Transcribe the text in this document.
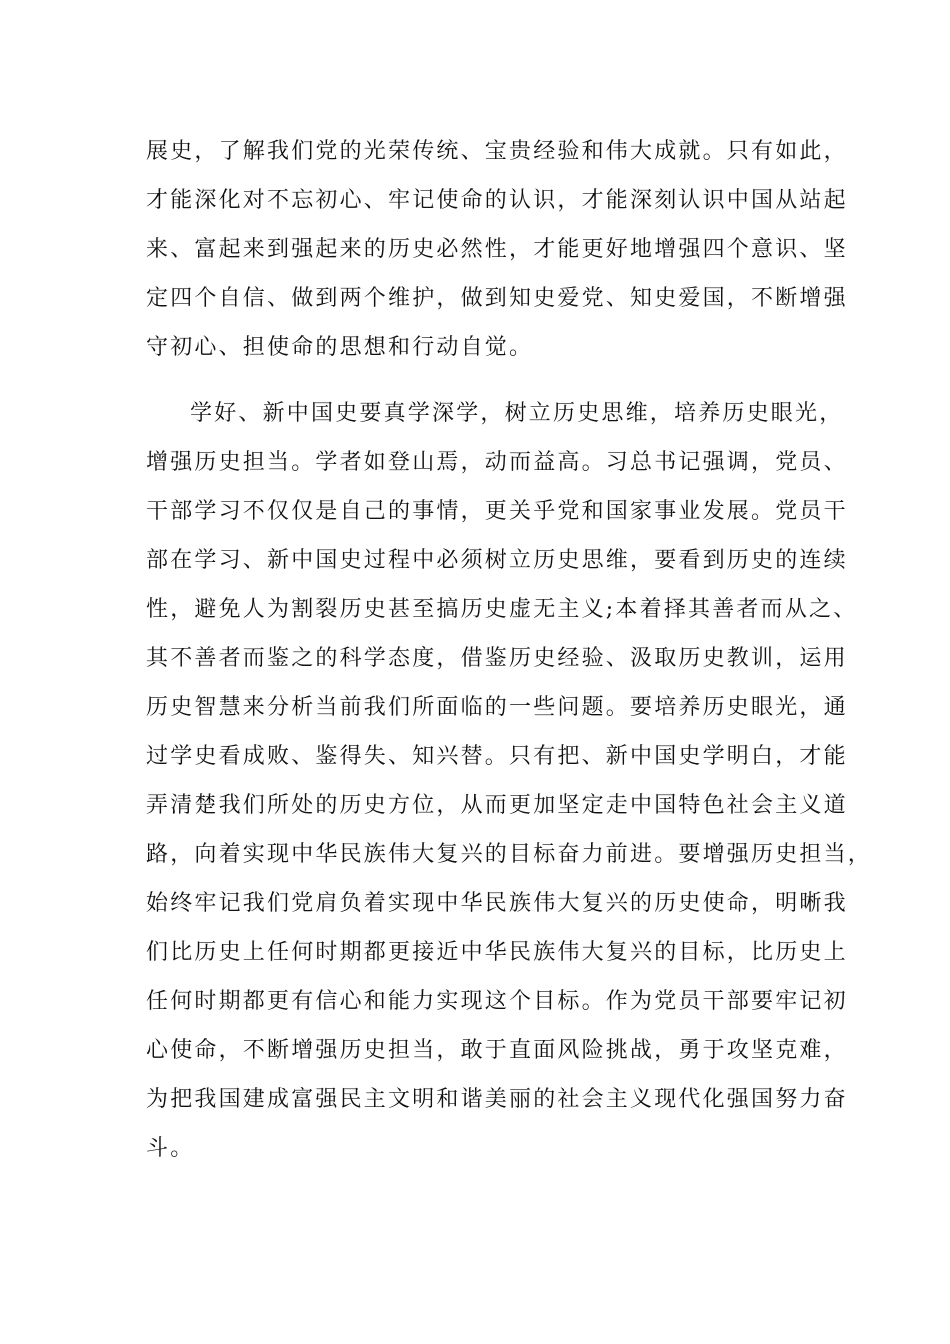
展史，了解我们党的光荣传统、宝贵经验和伟大成就。只有如此，
才能深化对不忘初心、牢记使命的认识，才能深刻认识中国从站起
来、富起来到强起来的历史必然性，才能更好地增强四个意识、坚
定四个自信、做到两个维护，做到知史爱党、知史爱国，不断增强
守初心、担使命的思想和行动自觉。
学好、新中国史要真学深学，树立历史思维，培养历史眼光，
增强历史担当。学者如登山焉，动而益高。习总书记强调，党员、
干部学习不仅仅是自己的事情，更关乎党和国家事业发展。党员干
部在学习、新中国史过程中必须树立历史思维，要看到历史的连续
性，避免人为割裂历史甚至搞历史虚无主义;本着择其善者而从之、
其不善者而鉴之的科学态度，借鉴历史经验、汲取历史教训，运用
历史智慧来分析当前我们所面临的一些问题。要培养历史眼光，通
过学史看成败、鉴得失、知兴替。只有把、新中国史学明白，才能
弄清楚我们所处的历史方位，从而更加坚定走中国特色社会主义道
路，向着实现中华民族伟大复兴的目标奋力前进。要增强历史担当，
始终牢记我们党肩负着实现中华民族伟大复兴的历史使命，明晰我
们比历史上任何时期都更接近中华民族伟大复兴的目标，比历史上
任何时期都更有信心和能力实现这个目标。作为党员干部要牢记初
心使命，不断增强历史担当，敢于直面风险挑战，勇于攻坚克难，
为把我国建成富强民主文明和谐美丽的社会主义现代化强国努力奋
斗。
